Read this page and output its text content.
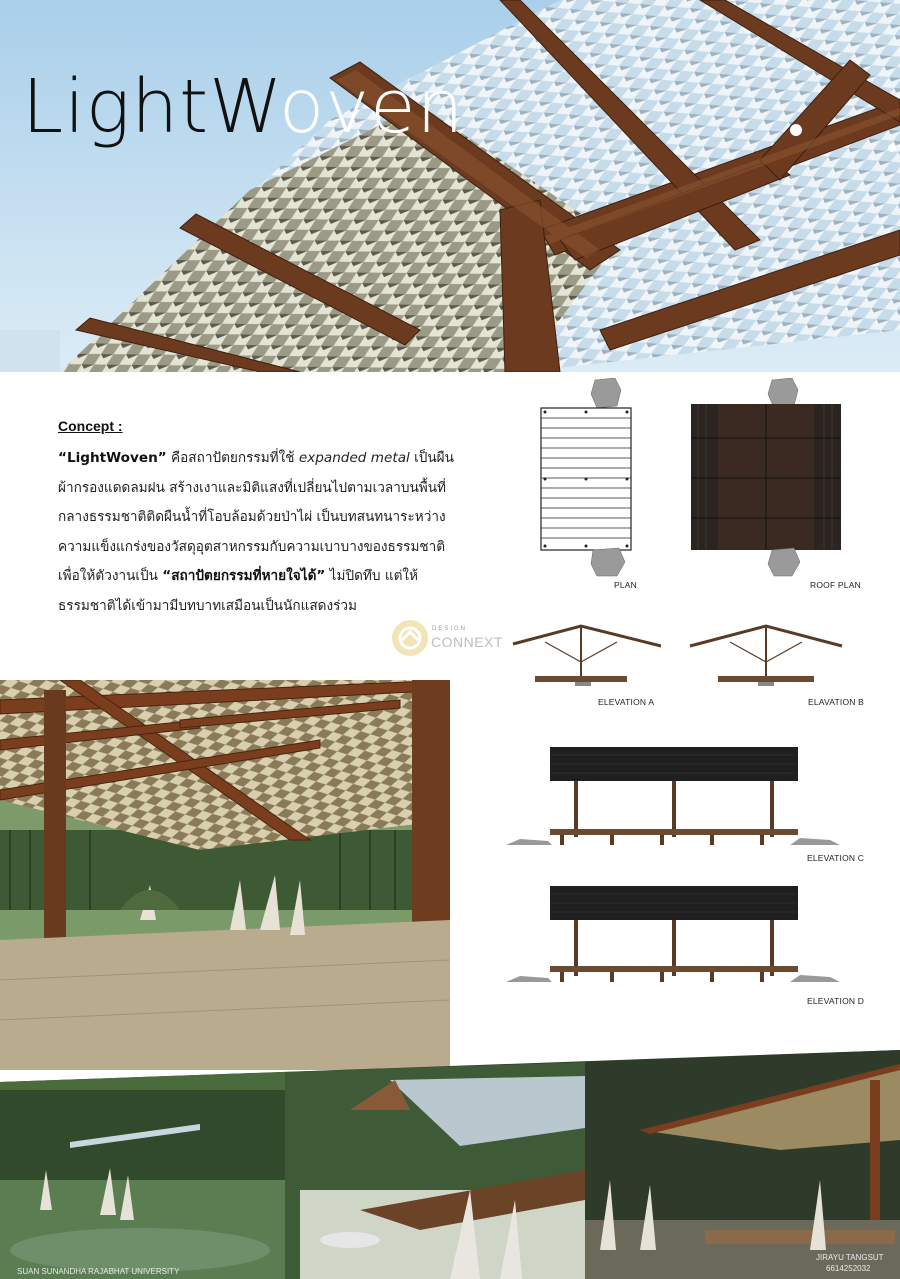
LightWoven
Concept :
“LightWoven” คือสถาปัตยกรรมที่ใช้ expanded metal เป็นผืนผ้ากรองแดดลมฝน สร้างเงาและมิติแสงที่เปลี่ยนไปตามเวลาบนพื้นที่กลางธรรมชาติติดผืนน้ำที่โอบล้อมด้วยป่าไผ่ เป็นบทสนทนาระหว่างความแข็งแกร่งของวัสดุอุตสาหกรรมกับความเบาบางของธรรมชาติ เพื่อให้ตัวงานเป็น “สถาปัตยกรรมที่หายใจได้” ไม่ปิดทึบ แต่ให้ธรรมชาติได้เข้ามามีบทบาทเสมือนเป็นนักแสดงร่วม
PLAN	ROOF PLAN
ELEVATION A	ELAVATION B
ELEVATION C
ELEVATION D
DESIGN
CONNEXT
SUAN SUNANDHA RAJABHAT UNIVERSITY
JIRAYU TANGSUT
6614252032
